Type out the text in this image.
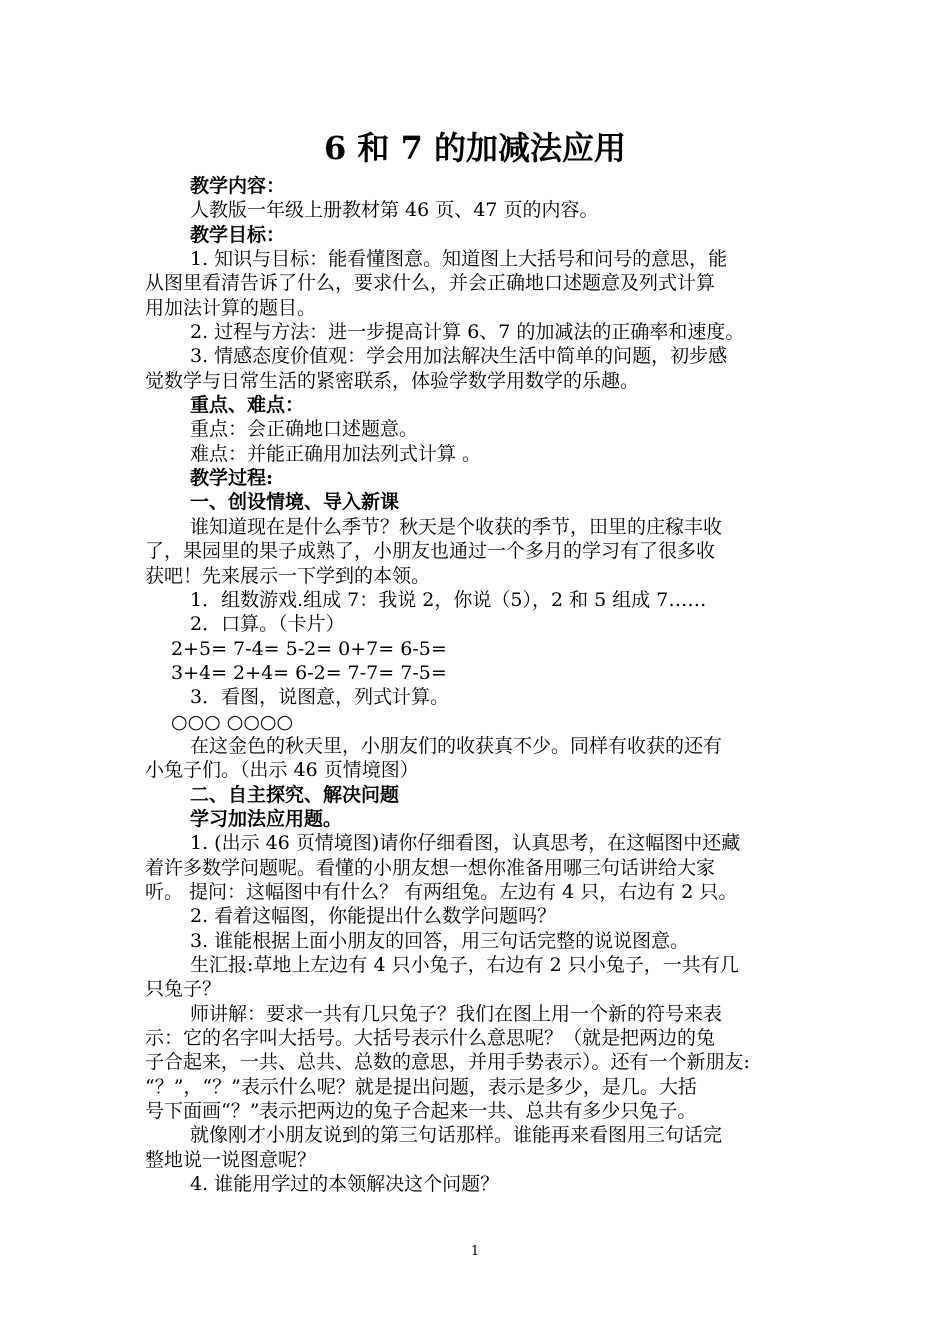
6 和 7 的加减法应用
教学内容：
人教版一年级上册教材第 46 页、47 页的内容。
教学目标：
1. 知识与目标：能看懂图意。知道图上大括号和问号的意思，能
从图里看清告诉了什么，要求什么，并会正确地口述题意及列式计算
用加法计算的题目。
2. 过程与方法：进一步提高计算 6、7 的加减法的正确率和速度。
3. 情感态度价值观：学会用加法解决生活中简单的问题，初步感
觉数学与日常生活的紧密联系，体验学数学用数学的乐趣。
重点、难点：
重点：会正确地口述题意。
难点：并能正确用加法列式计算 。
教学过程:
一、创设情境、导入新课
谁知道现在是什么季节？秋天是个收获的季节，田里的庄稼丰收
了，果园里的果子成熟了，小朋友也通过一个多月的学习有了很多收
获吧！先来展示一下学到的本领。
1．组数游戏.组成 7：我说 2，你说（5），2 和 5 组成 7……
2．口算。（卡片）
2+5= 7-4= 5-2= 0+7= 6-5=
3+4= 2+4= 6-2= 7-7= 7-5=
3．看图，说图意，列式计算。
○○○ ○○○○
在这金色的秋天里，小朋友们的收获真不少。同样有收获的还有
小兔子们。（出示 46 页情境图）
二、自主探究、解决问题
学习加法应用题。
1. (出示 46 页情境图)请你仔细看图，认真思考，在这幅图中还藏
着许多数学问题呢。看懂的小朋友想一想你准备用哪三句话讲给大家
听。 提问：这幅图中有什么？ 有两组兔。左边有 4 只，右边有 2 只。
2. 看着这幅图，你能提出什么数学问题吗？
3. 谁能根据上面小朋友的回答，用三句话完整的说说图意。
生汇报:草地上左边有 4 只小兔子，右边有 2 只小兔子，一共有几
只兔子？
师讲解：要求一共有几只兔子？我们在图上用一个新的符号来表
示：它的名字叫大括号。大括号表示什么意思呢？（就是把两边的兔
子合起来，一共、总共、总数的意思，并用手势表示）。还有一个新朋友:
“？”，“？”表示什么呢？就是提出问题，表示是多少，是几。大括
号下面画“？”表示把两边的兔子合起来一共、总共有多少只兔子。
就像刚才小朋友说到的第三句话那样。谁能再来看图用三句话完
整地说一说图意呢？
4. 谁能用学过的本领解决这个问题？
1
